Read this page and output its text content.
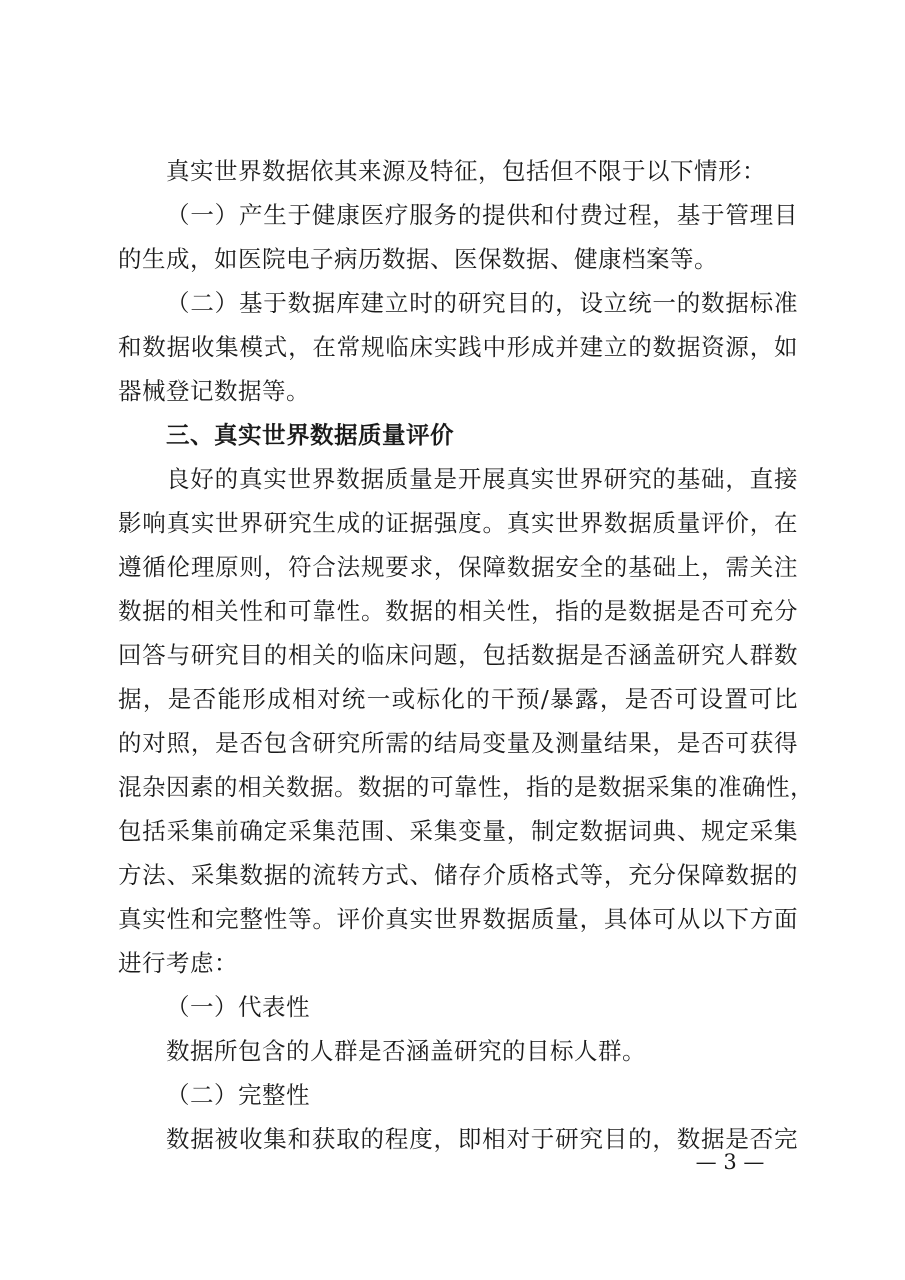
真实世界数据依其来源及特征，包括但不限于以下情形：
（一）产生于健康医疗服务的提供和付费过程，基于管理目
的生成，如医院电子病历数据、医保数据、健康档案等。
（二）基于数据库建立时的研究目的，设立统一的数据标准
和数据收集模式，在常规临床实践中形成并建立的数据资源，如
器械登记数据等。
三、真实世界数据质量评价
良好的真实世界数据质量是开展真实世界研究的基础，直接
影响真实世界研究生成的证据强度。真实世界数据质量评价，在
遵循伦理原则，符合法规要求，保障数据安全的基础上，需关注
数据的相关性和可靠性。数据的相关性，指的是数据是否可充分
回答与研究目的相关的临床问题，包括数据是否涵盖研究人群数
据，是否能形成相对统一或标化的干预/暴露，是否可设置可比
的对照，是否包含研究所需的结局变量及测量结果，是否可获得
混杂因素的相关数据。数据的可靠性，指的是数据采集的准确性，
包括采集前确定采集范围、采集变量，制定数据词典、规定采集
方法、采集数据的流转方式、储存介质格式等，充分保障数据的
真实性和完整性等。评价真实世界数据质量，具体可从以下方面
进行考虑：
（一）代表性
数据所包含的人群是否涵盖研究的目标人群。
（二）完整性
数据被收集和获取的程度，即相对于研究目的，数据是否完
— 3 —
